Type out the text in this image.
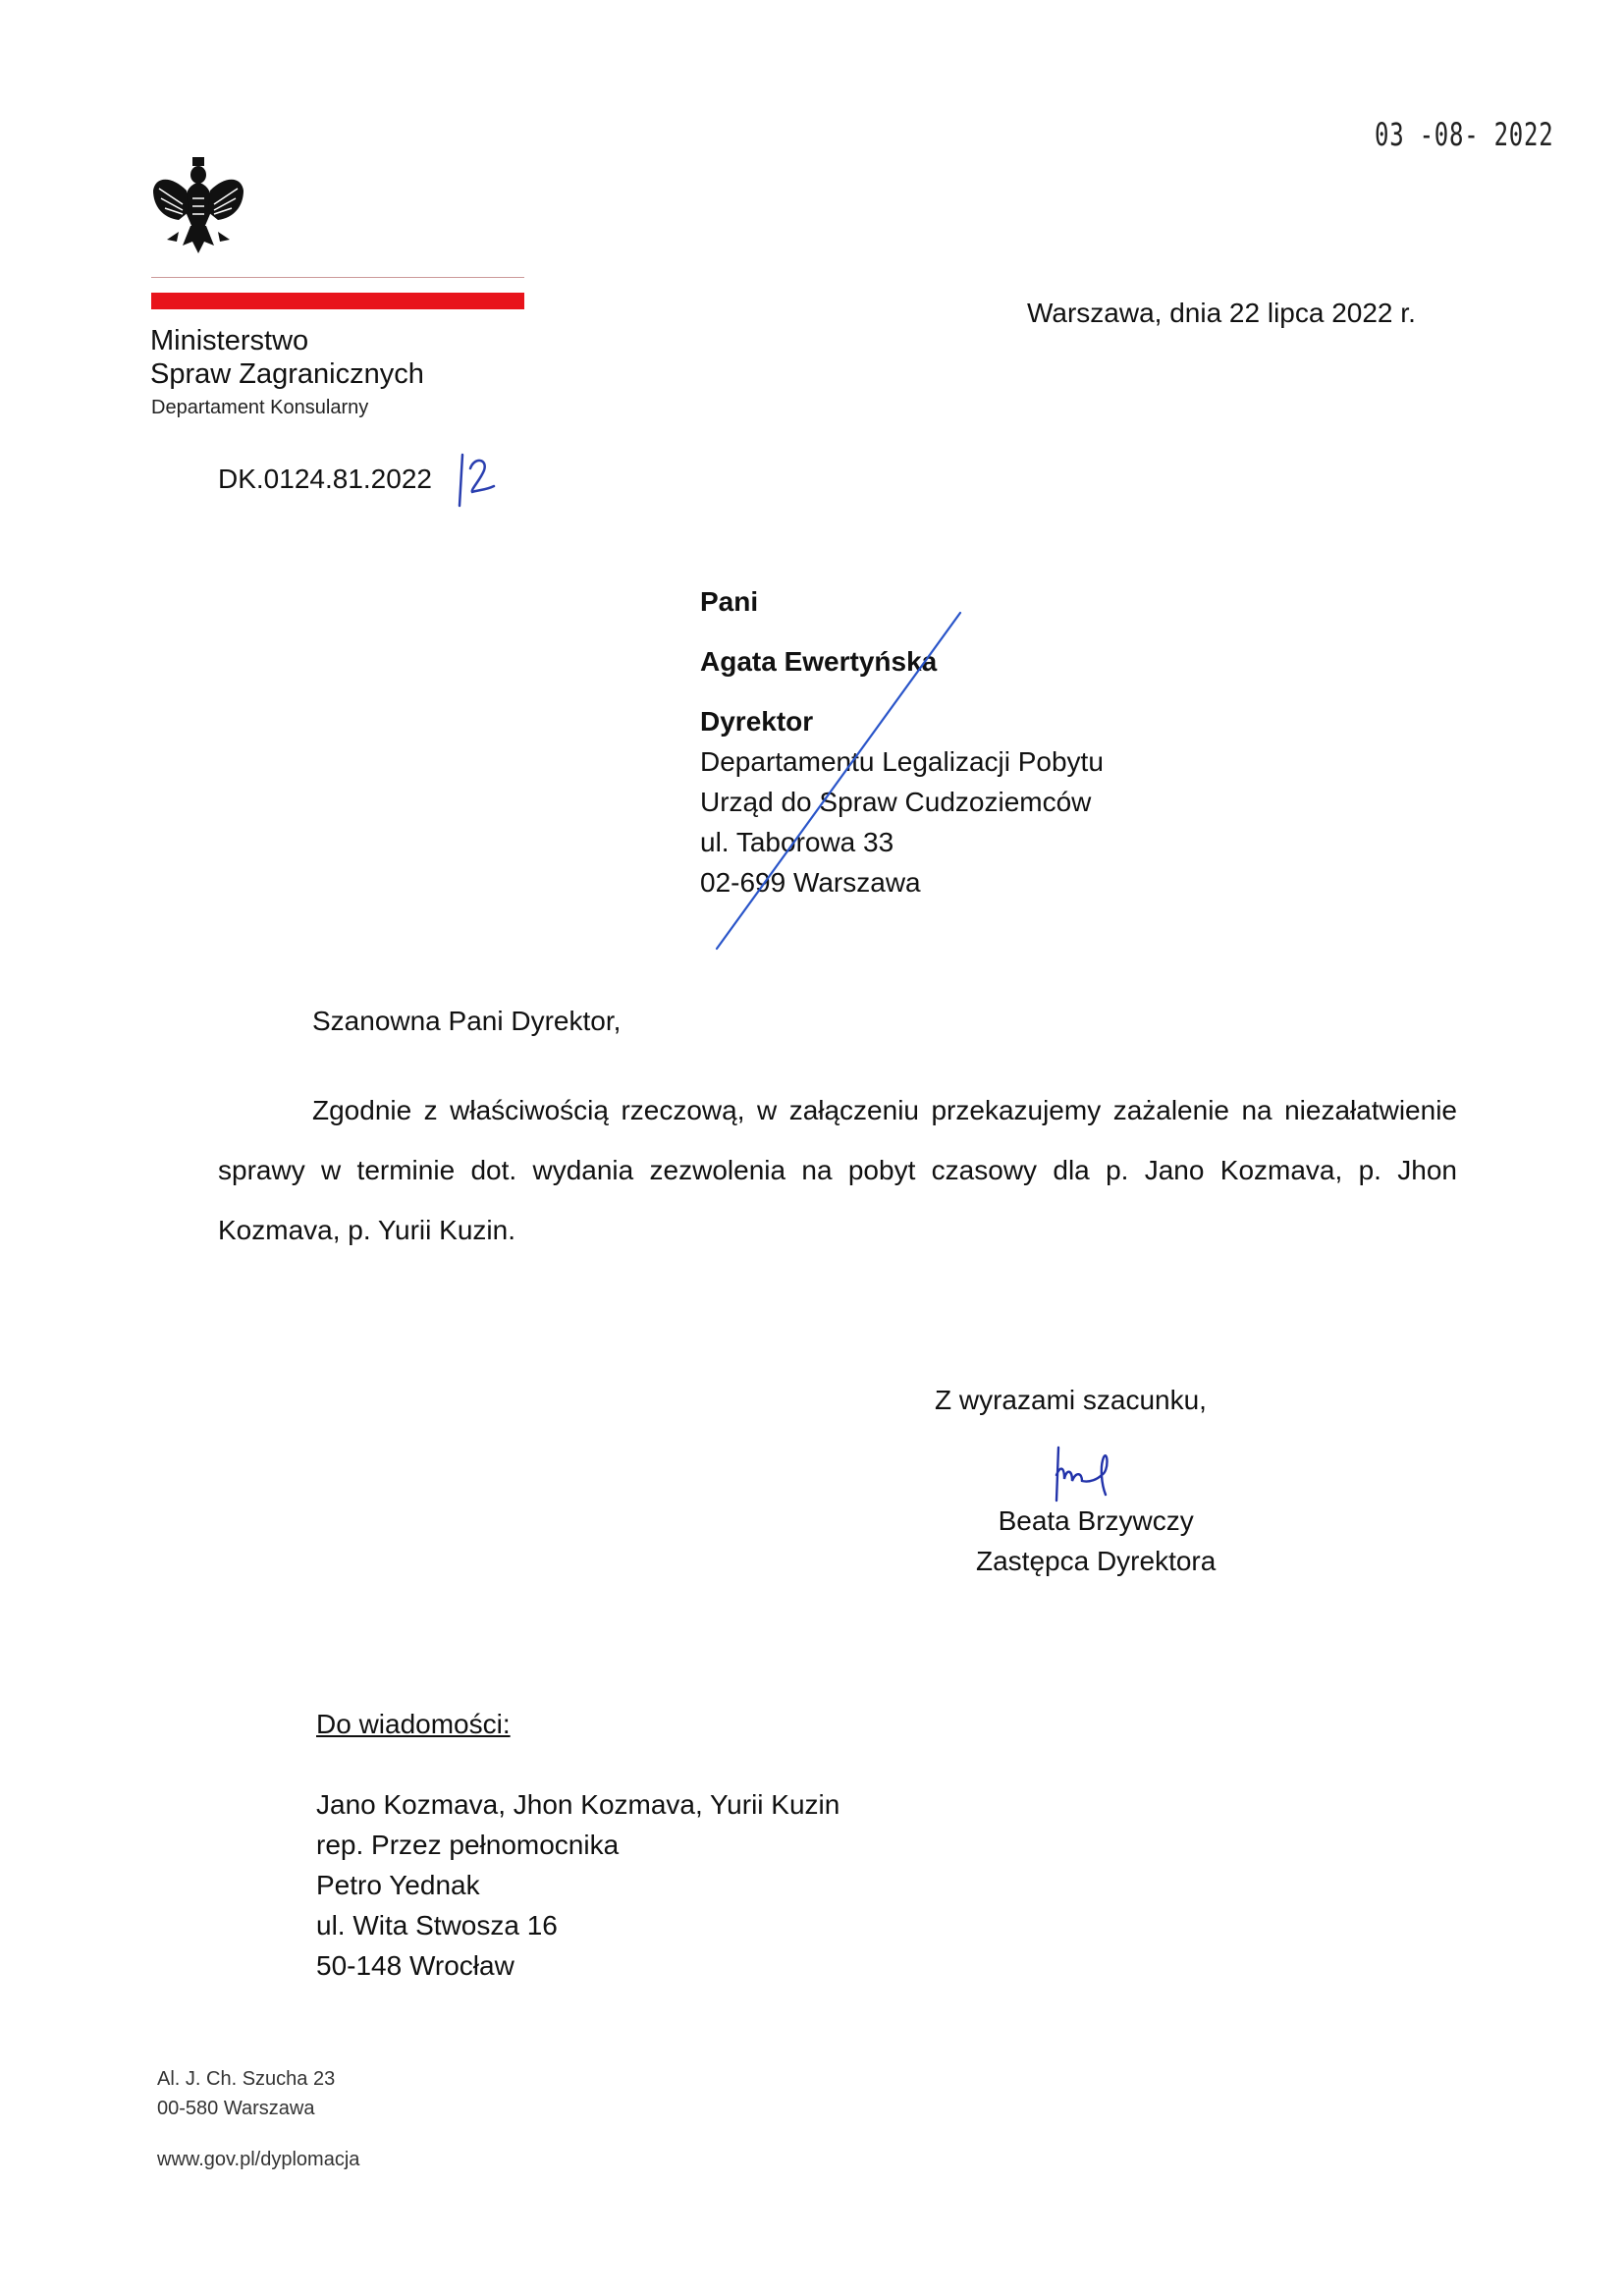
03 -08- 2022
Ministerstwo
Spraw Zagranicznych
Departament Konsularny
Warszawa, dnia 22 lipca 2022 r.
DK.0124.81.2022
Pani
Agata Ewertyńska
Dyrektor
Departamentu Legalizacji Pobytu
Urząd do Spraw Cudzoziemców
ul. Taborowa 33
02-699 Warszawa
Szanowna Pani Dyrektor,
Zgodnie z właściwością rzeczową, w załączeniu przekazujemy zażalenie na niezałatwienie sprawy w terminie dot. wydania zezwolenia na pobyt czasowy dla p. Jano Kozmava, p. Jhon Kozmava, p. Yurii Kuzin.
Z wyrazami szacunku,
Beata Brzywczy
Zastępca Dyrektora
Do wiadomości:
Jano Kozmava, Jhon Kozmava, Yurii Kuzin
rep. Przez pełnomocnika
Petro Yednak
ul. Wita Stwosza 16
50-148 Wrocław
Al. J. Ch. Szucha 23
00-580 Warszawa
www.gov.pl/dyplomacja
